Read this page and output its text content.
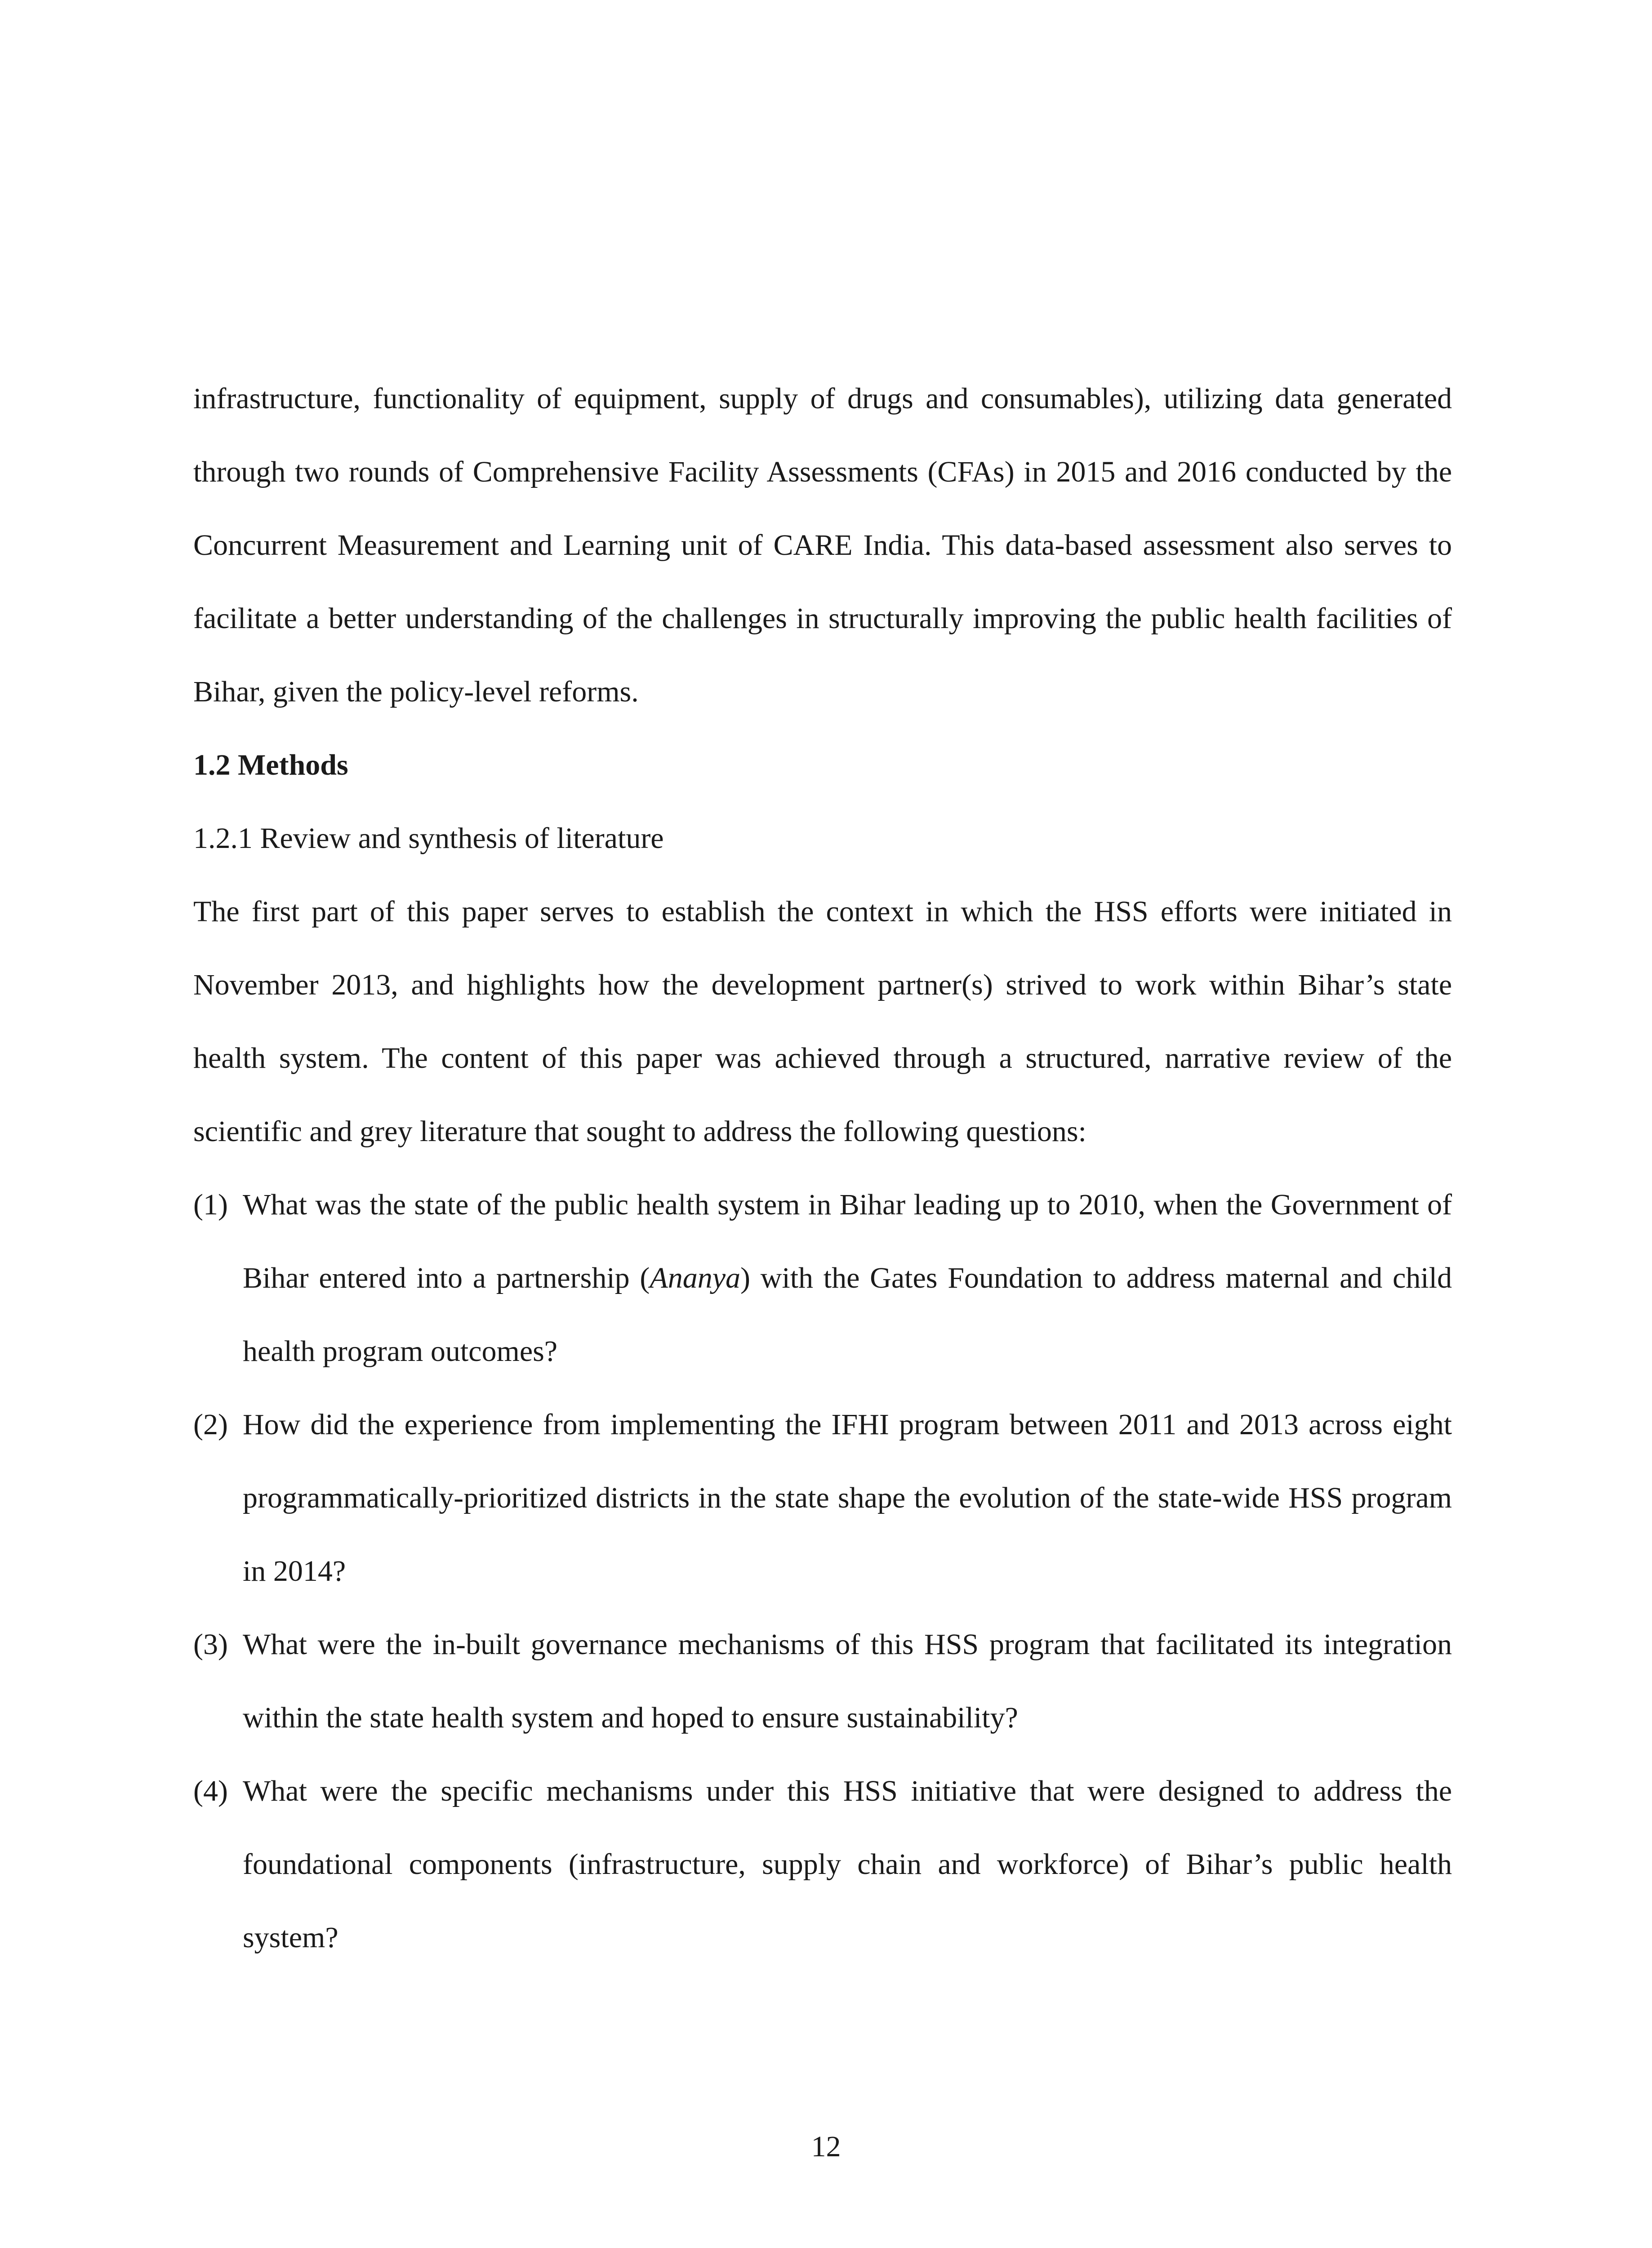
infrastructure, functionality of equipment, supply of drugs and consumables), utilizing data generated through two rounds of Comprehensive Facility Assessments (CFAs) in 2015 and 2016 conducted by the Concurrent Measurement and Learning unit of CARE India. This data-based assessment also serves to facilitate a better understanding of the challenges in structurally improving the public health facilities of Bihar, given the policy-level reforms.

1.2 Methods

1.2.1 Review and synthesis of literature

The first part of this paper serves to establish the context in which the HSS efforts were initiated in November 2013, and highlights how the development partner(s) strived to work within Bihar’s state health system. The content of this paper was achieved through a structured, narrative review of the scientific and grey literature that sought to address the following questions:

(1) What was the state of the public health system in Bihar leading up to 2010, when the Government of Bihar entered into a partnership (Ananya) with the Gates Foundation to address maternal and child health program outcomes?
(2) How did the experience from implementing the IFHI program between 2011 and 2013 across eight programmatically-prioritized districts in the state shape the evolution of the state-wide HSS program in 2014?
(3) What were the in-built governance mechanisms of this HSS program that facilitated its integration within the state health system and hoped to ensure sustainability?
(4) What were the specific mechanisms under this HSS initiative that were designed to address the foundational components (infrastructure, supply chain and workforce) of Bihar’s public health system?
12
